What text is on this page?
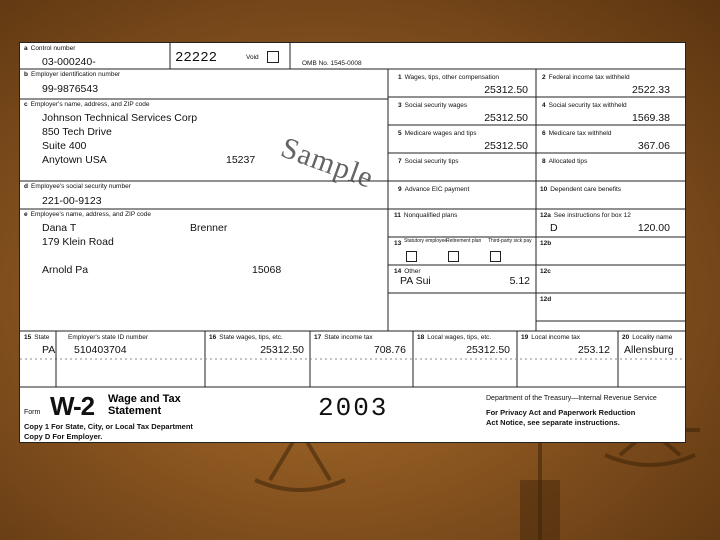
a Control number
03-000240-	22222	Void
OMB No. 1545-0008
b Employer identification number
99-9876543
c Employer's name, address, and ZIP code
Johnson Technical Services Corp
850 Tech Drive
Suite 400
Anytown USA	15237
d Employee's social security number
221-00-9123
e Employee's name, address, and ZIP code
Dana T	Brenner
179 Klein Road
Arnold Pa	15068
1 Wages, tips, other compensation
25312.50
2 Federal income tax withheld
2522.33
3 Social security wages
25312.50
4 Social security tax withheld
1569.38
5 Medicare wages and tips
25312.50
6 Medicare tax withheld
367.06
7 Social security tips	8 Allocated tips
9 Advance EIC payment	10 Dependent care benefits
11 Nonqualified plans	12a See instructions for box 12
D	120.00
13 Statutory employee
Retirement plan Third-party sick pay 12b
14 Other
PA Sui	5.12
12c
12d
15 State	Employer's state ID number
PA 510403704
16 State wages, tips, etc.
25312.50
17 State income tax
708.76
18 Local wages, tips, etc.
25312.50
19 Local income tax
253.12
20 Locality name
Allensburg
Form W-2 Wage and Tax
Statement	2003
Copy 1 For State, City, or Local Tax Department
Copy D For Employer.
Department of the Treasury—Internal Revenue Service
For Privacy Act and Paperwork Reduction
Act Notice, see separate instructions.
Sample
